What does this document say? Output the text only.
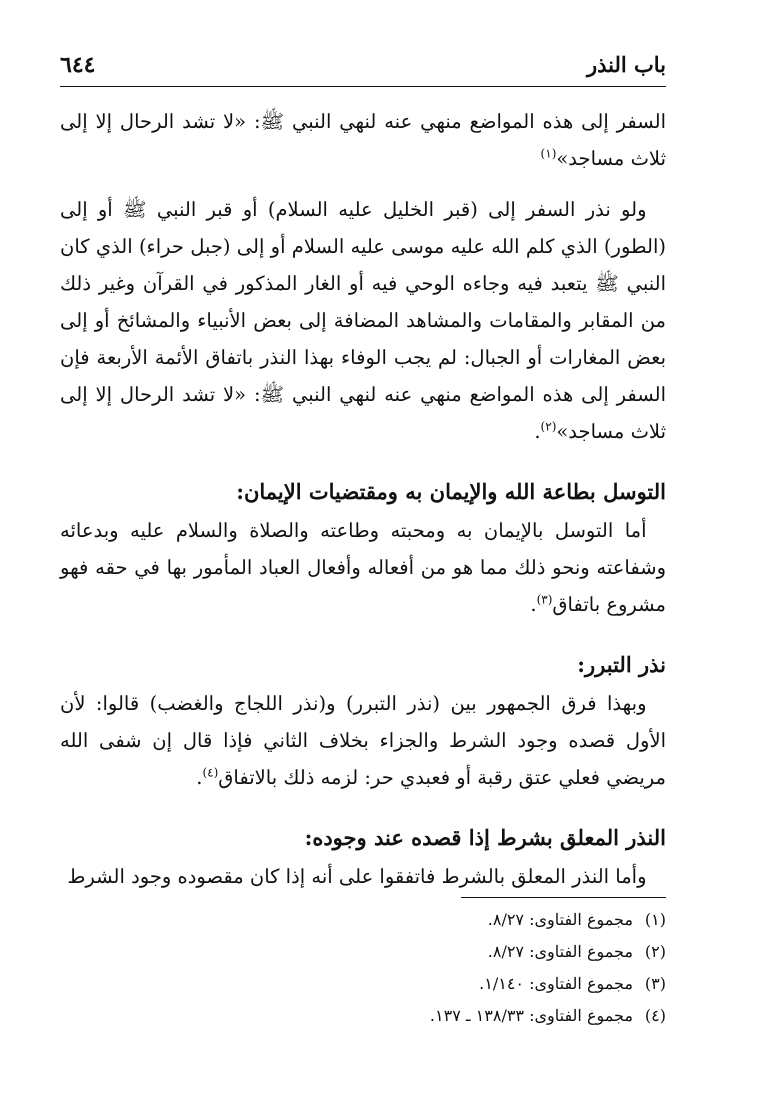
باب النذر
٦٤٤

السفر إلى هذه المواضع منهي عنه لنهي النبي ﷺ: «لا تشد الرحال إلا إلى ثلاث مساجد»$^{(١)}$

 ولو نذر السفر إلى (قبر الخليل عليه السلام) أو قبر النبي ﷺ أو إلى (الطور) الذي كلم الله عليه موسى عليه السلام أو إلى (جبل حراء) الذي كان النبي ﷺ يتعبد فيه وجاءه الوحي فيه أو الغار المذكور في القرآن وغير ذلك من المقابر والمقامات والمشاهد المضافة إلى بعض الأنبياء والمشائخ أو إلى بعض المغارات أو الجبال: لم يجب الوفاء بهذا النذر باتفاق الأئمة الأربعة فإن السفر إلى هذه المواضع منهي عنه لنهي النبي ﷺ: «لا تشد الرحال إلا إلى ثلاث مساجد»$^{(٢)}$.

التوسل بطاعة الله والإيمان به ومقتضيات الإيمان:

 أما التوسل بالإيمان به ومحبته وطاعته والصلاة والسلام عليه وبدعائه وشفاعته ونحو ذلك مما هو من أفعاله وأفعال العباد المأمور بها في حقه فهو مشروع باتفاق$^{(٣)}$.

نذر التبرر:

 وبهذا فرق الجمهور بين (نذر التبرر) و(نذر اللجاج والغضب) قالوا: لأن الأول قصده وجود الشرط والجزاء بخلاف الثاني فإذا قال إن شفى الله مريضي فعلي عتق رقبة أو فعبدي حر: لزمه ذلك بالاتفاق$^{(٤)}$.

النذر المعلق بشرط إذا قصده عند وجوده:

 وأما النذر المعلق بالشرط فاتفقوا على أنه إذا كان مقصوده وجود الشرط

(١)مجموع الفتاوى: ٨/٢٧.
(٢)مجموع الفتاوى: ٨/٢٧.
(٣)مجموع الفتاوى: ١/١٤٠.
(٤)مجموع الفتاوى: ١٣٨/٣٣ ـ ١٣٧.
